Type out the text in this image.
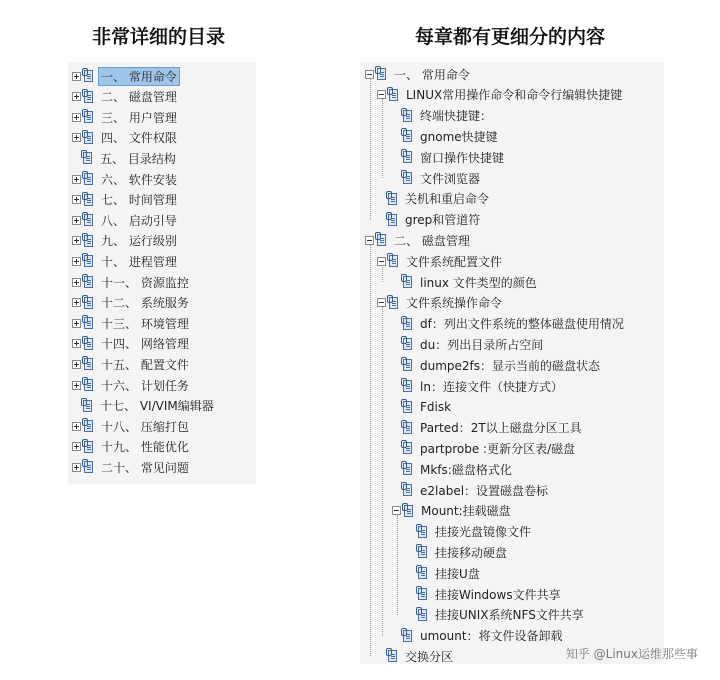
非常详细的目录
一、 常用命令
二、 磁盘管理
三、 用户管理
四、 文件权限
五、 目录结构
六、 软件安装
七、 时间管理
八、 启动引导
九、 运行级别
十、 进程管理
十一、 资源监控
十二、 系统服务
十三、 环境管理
十四、 网络管理
十五、 配置文件
十六、 计划任务
十七、 VI/VIM编辑器
十八、 压缩打包
十九、 性能优化
二十、 常见问题
每章都有更细分的内容
一、 常用命令
LINUX常用操作命令和命令行编辑快捷键
终端快捷键：
gnome快捷键
窗口操作快捷键
文件浏览器
关机和重启命令
grep和管道符
二、 磁盘管理
文件系统配置文件
linux 文件类型的颜色
文件系统操作命令
df：列出文件系统的整体磁盘使用情况
du：列出目录所占空间
dumpe2fs：显示当前的磁盘状态
ln：连接文件（快捷方式）
Fdisk
Parted：2T以上磁盘分区工具
partprobe :更新分区表/磁盘
Mkfs:磁盘格式化
e2label：设置磁盘卷标
Mount:挂载磁盘
挂接光盘镜像文件
挂接移动硬盘
挂接U盘
挂接Windows文件共享
挂接UNIX系统NFS文件共享
umount：将文件设备卸载
交换分区	知乎 @Linux运维那些事
